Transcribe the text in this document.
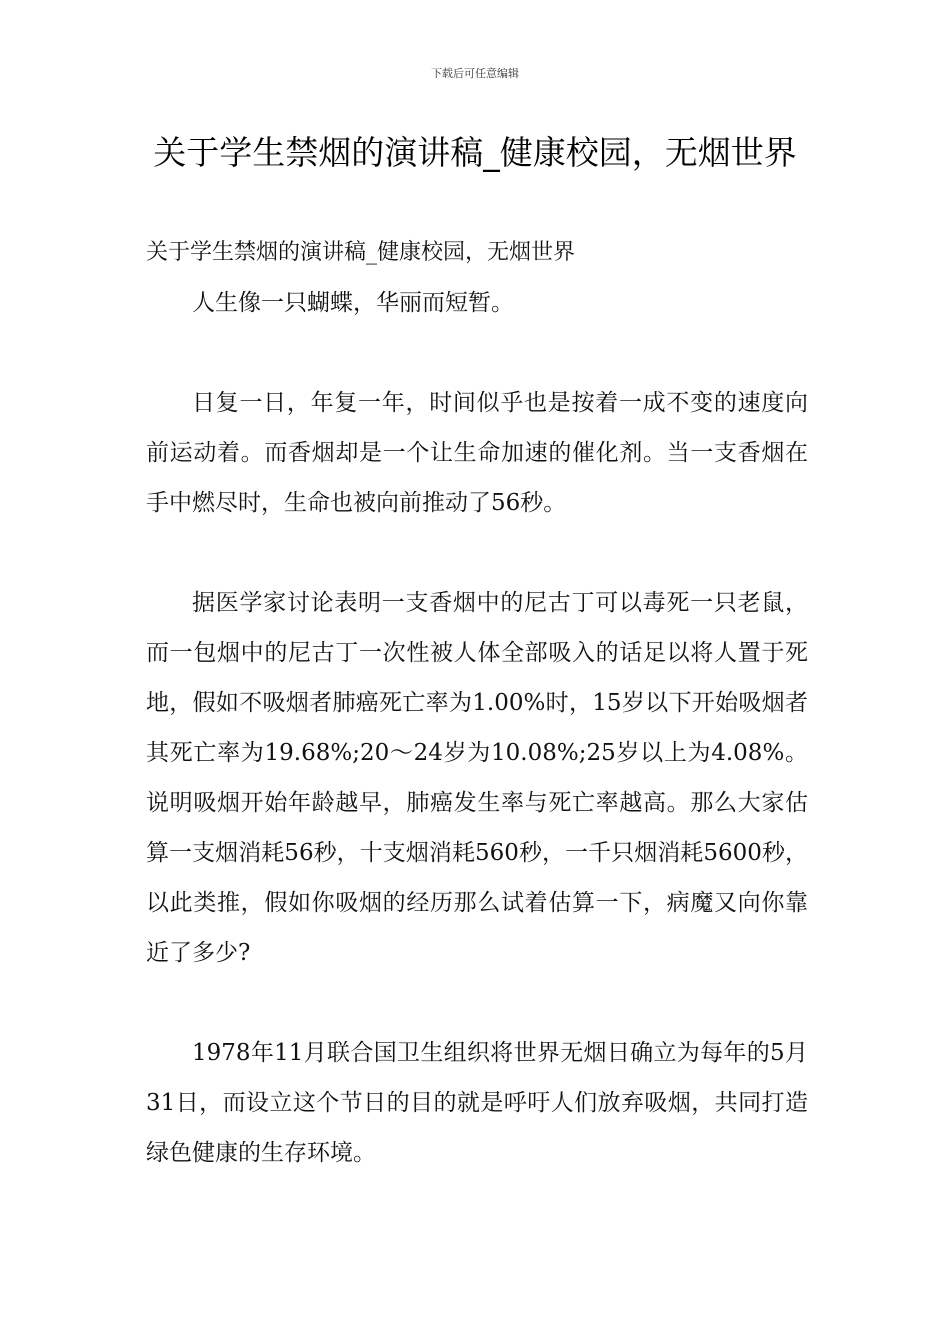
下载后可任意编辑
关于学生禁烟的演讲稿_健康校园，无烟世界

关于学生禁烟的演讲稿_健康校园，无烟世界

人生像一只蝴蝶，华丽而短暂。

日复一日，年复一年，时间似乎也是按着一成不变的速度向前运动着。而香烟却是一个让生命加速的催化剂。当一支香烟在手中燃尽时，生命也被向前推动了56秒。

据医学家讨论表明一支香烟中的尼古丁可以毒死一只老鼠，而一包烟中的尼古丁一次性被人体全部吸入的话足以将人置于死地，假如不吸烟者肺癌死亡率为1.00%时，15岁以下开始吸烟者其死亡率为19.68%;20～24岁为10.08%;25岁以上为4.08%。说明吸烟开始年龄越早，肺癌发生率与死亡率越高。那么大家估算一支烟消耗56秒，十支烟消耗560秒，一千只烟消耗5600秒，以此类推，假如你吸烟的经历那么试着估算一下，病魔又向你靠近了多少?

1978年11月联合国卫生组织将世界无烟日确立为每年的5月31日，而设立这个节日的目的就是呼吁人们放弃吸烟，共同打造绿色健康的生存环境。
